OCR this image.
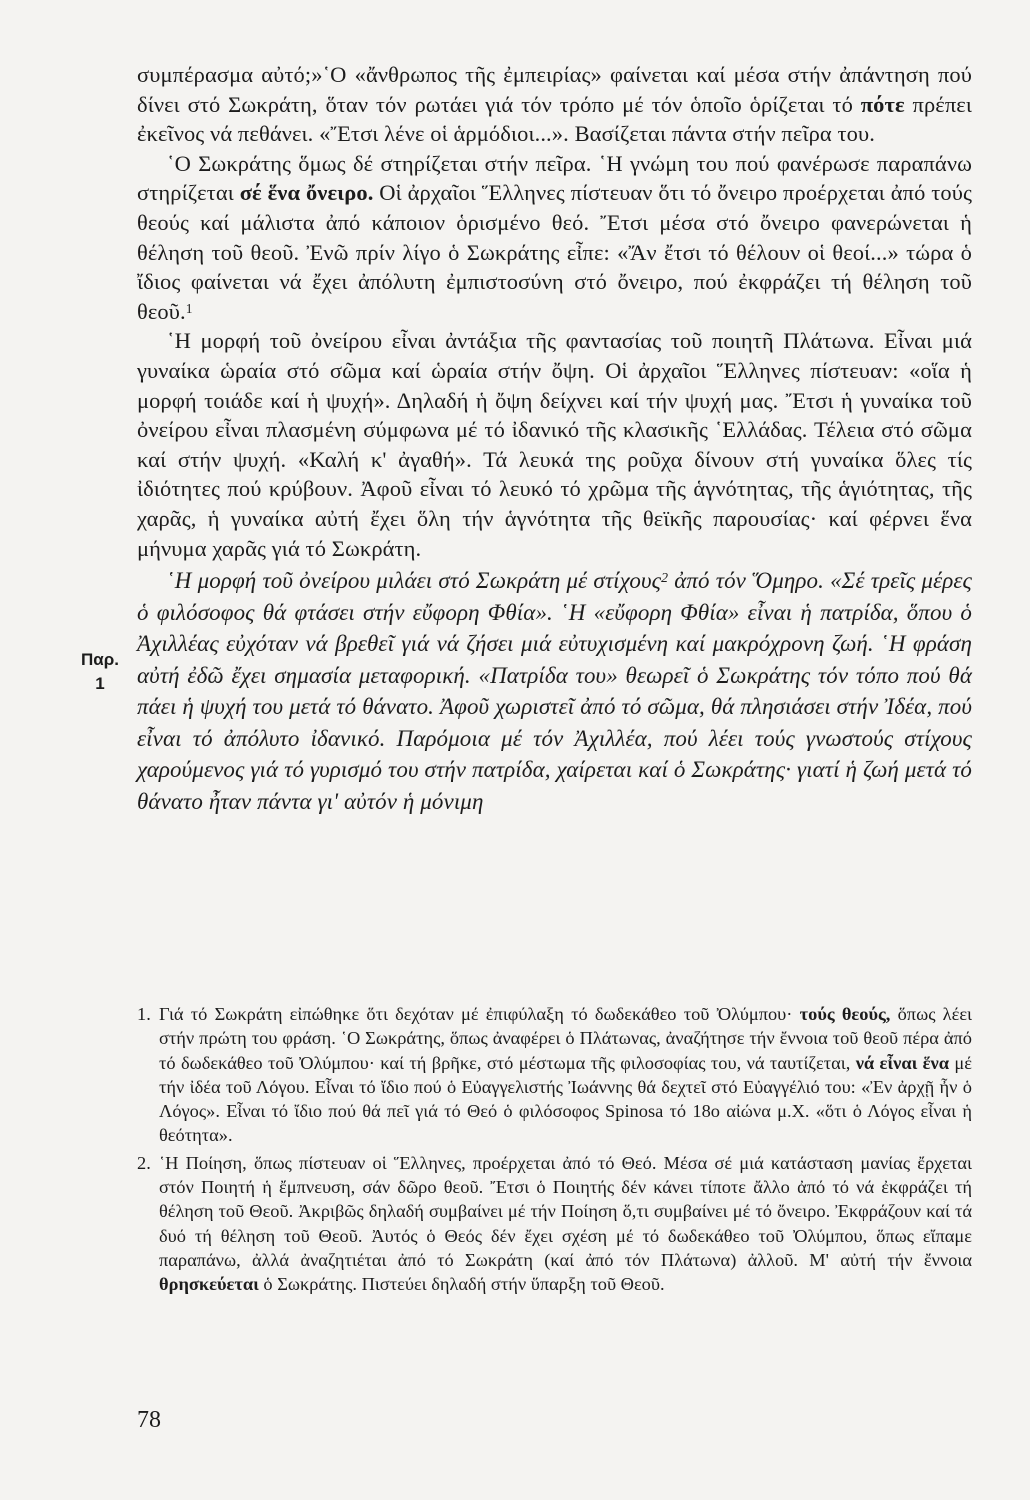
συμπέρασμα αὐτό;»῾Ο «ἄνθρωπος τῆς ἐμπειρίας» φαίνεται καί μέσα στήν ἀπάντηση πού δίνει στό Σωκράτη, ὅταν τόν ρωτάει γιά τόν τρόπο μέ τόν ὁποῖο ὁρίζεται τό πότε πρέπει ἐκεῖνος νά πεθάνει. «Ἔτσι λένε οἱ ἁρμόδιοι...». Βασίζεται πάντα στήν πεῖρα του.

῾Ο Σωκράτης ὅμως δέ στηρίζεται στήν πεῖρα. ῾Η γνώμη του πού φανέρωσε παραπάνω στηρίζεται σέ ἕνα ὄνειρο. Οἱ ἀρχαῖοι Ἕλληνες πίστευαν ὅτι τό ὄνειρο προέρχεται ἀπό τούς θεούς καί μάλιστα ἀπό κάποιον ὁρισμένο θεό. Ἔτσι μέσα στό ὄνειρο φανερώνεται ἡ θέληση τοῦ θεοῦ. Ἐνῶ πρίν λίγο ὁ Σωκράτης εἶπε: «Ἄν ἔτσι τό θέλουν οἱ θεοί...» τώρα ὁ ἴδιος φαίνεται νά ἔχει ἀπόλυτη ἐμπιστοσύνη στό ὄνειρο, πού ἐκφράζει τή θέληση τοῦ θεοῦ.$^1$

῾Η μορφή τοῦ ὀνείρου εἶναι ἀντάξια τῆς φαντασίας τοῦ ποιητῆ Πλάτωνα. Εἶναι μιά γυναίκα ὡραία στό σῶμα καί ὡραία στήν ὄψη. Οἱ ἀρχαῖοι Ἕλληνες πίστευαν: «οἵα ἡ μορφή τοιάδε καί ἡ ψυχή». Δηλαδή ἡ ὄψη δείχνει καί τήν ψυχή μας. Ἔτσι ἡ γυναίκα τοῦ ὀνείρου εἶναι πλασμένη σύμφωνα μέ τό ἰδανικό τῆς κλασικῆς ῾Ελλάδας. Τέλεια στό σῶμα καί στήν ψυχή. «Καλή κ' ἀγαθή». Τά λευκά της ροῦχα δίνουν στή γυναίκα ὅλες τίς ἰδιότητες πού κρύβουν. Ἀφοῦ εἶναι τό λευκό τό χρῶμα τῆς ἁγνότητας, τῆς ἁγιότητας, τῆς χαρᾶς, ἡ γυναίκα αὐτή ἔχει ὅλη τήν ἁγνότητα τῆς θεϊκῆς παρουσίας· καί φέρνει ἕνα μήνυμα χαρᾶς γιά τό Σωκράτη.

῾Η μορφή τοῦ ὀνείρου μιλάει στό Σωκράτη μέ στίχους$^2$ ἀπό τόν Ὅμηρο. «Σέ τρεῖς μέρες ὁ φιλόσοφος θά φτάσει στήν εὔφορη Φθία». ῾Η «εὔφορη Φθία» εἶναι ἡ πατρίδα, ὅπου ὁ Ἀχιλλέας εὐχόταν νά βρεθεῖ γιά νά ζήσει μιά εὐτυχισμένη καί μακρόχρονη ζωή. ῾Η φράση αὐτή ἐδῶ ἔχει σημασία μεταφορική. «Πατρίδα του» θεωρεῖ ὁ Σωκράτης τόν τόπο πού θά πάει ἡ ψυχή του μετά τό θάνατο. Ἀφοῦ χωριστεῖ ἀπό τό σῶμα, θά πλησιάσει στήν Ἰδέα, πού εἶναι τό ἀπόλυτο ἰδανικό. Παρόμοια μέ τόν Ἀχιλλέα, πού λέει τούς γνωστούς στίχους χαρούμενος γιά τό γυρισμό του στήν πατρίδα, χαίρεται καί ὁ Σωκράτης· γιατί ἡ ζωή μετά τό θάνατο ἦταν πάντα γι' αὐτόν ἡ μόνιμη

Παρ.
1
1. Γιά τό Σωκράτη εἰπώθηκε ὅτι δεχόταν μέ ἐπιφύλαξη τό δωδεκάθεο τοῦ Ὀλύμπου· τούς θεούς, ὅπως λέει στήν πρώτη του φράση. ῾Ο Σωκράτης, ὅπως ἀναφέρει ὁ Πλάτωνας, ἀναζήτησε τήν ἔννοια τοῦ θεοῦ πέρα ἀπό τό δωδεκάθεο τοῦ Ὀλύμπου· καί τή βρῆκε, στό μέστωμα τῆς φιλοσοφίας του, νά ταυτίζεται, νά εἶναι ἕνα μέ τήν ἰδέα τοῦ Λόγου. Εἶναι τό ἴδιο πού ὁ Εὐαγγελιστής Ἰωάννης θά δεχτεῖ στό Εὐαγγέλιό του: «Ἐν ἀρχῇ ἦν ὁ Λόγος». Εἶναι τό ἴδιο πού θά πεῖ γιά τό Θεό ὁ φιλόσοφος Spinosa τό 18ο αἰώνα μ.Χ. «ὅτι ὁ Λόγος εἶναι ἡ θεότητα».
2. ῾Η Ποίηση, ὅπως πίστευαν οἱ Ἕλληνες, προέρχεται ἀπό τό Θεό. Μέσα σέ μιά κατάσταση μανίας ἔρχεται στόν Ποιητή ἡ ἔμπνευση, σάν δῶρο θεοῦ. Ἔτσι ὁ Ποιητής δέν κάνει τίποτε ἄλλο ἀπό τό νά ἐκφράζει τή θέληση τοῦ Θεοῦ. Ἀκριβῶς δηλαδή συμβαίνει μέ τήν Ποίηση ὅ,τι συμβαίνει μέ τό ὄνειρο. Ἐκφράζουν καί τά δυό τή θέληση τοῦ Θεοῦ. Ἀυτός ὁ Θεός δέν ἔχει σχέση μέ τό δωδεκάθεο τοῦ Ὀλύμπου, ὅπως εἴπαμε παραπάνω, ἀλλά ἀναζητιέται ἀπό τό Σωκράτη (καί ἀπό τόν Πλάτωνα) ἀλλοῦ. Μ' αὐτή τήν ἔννοια θρησκεύεται ὁ Σωκράτης. Πιστεύει δηλαδή στήν ὕπαρξη τοῦ Θεοῦ.
78
